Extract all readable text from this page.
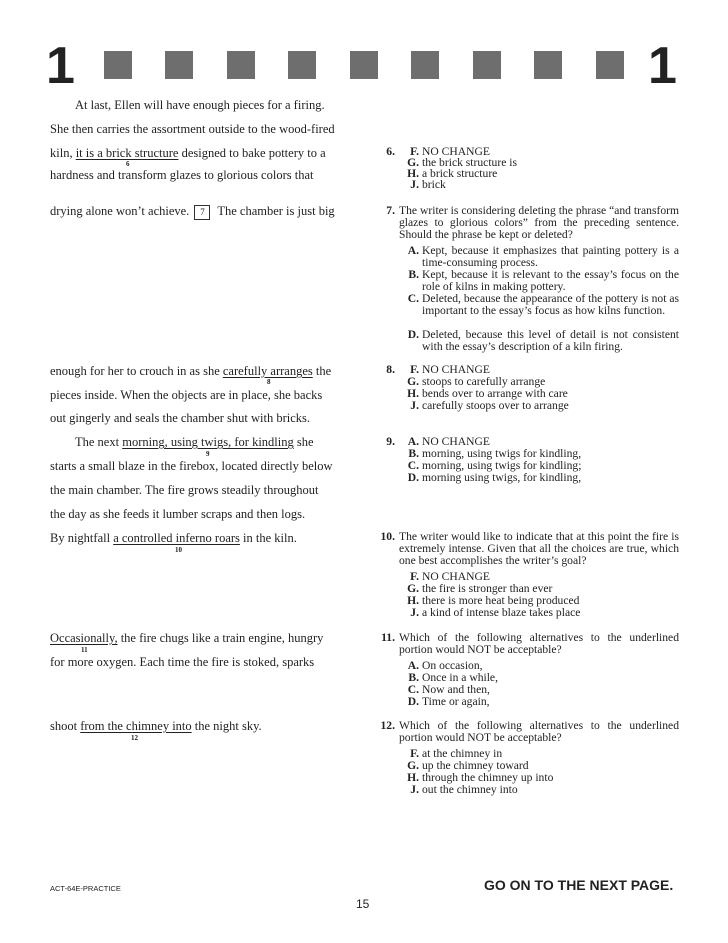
1	1
At last, Ellen will have enough pieces for a firing.
She then carries the assortment outside to the wood-fired
kiln, it is a brick structure designed to bake pottery to a
6
hardness and transform glazes to glorious colors that
drying alone won’t achieve. 7 The chamber is just big
enough for her to crouch in as she carefully arranges the
8
pieces inside. When the objects are in place, she backs
out gingerly and seals the chamber shut with bricks.
The next morning, using twigs, for kindling she
9
starts a small blaze in the firebox, located directly below
the main chamber. The fire grows steadily throughout
the day as she feeds it lumber scraps and then logs.
By nightfall a controlled inferno roars in the kiln.
10
Occasionally, the fire chugs like a train engine, hungry
11
for more oxygen. Each time the fire is stoked, sparks
shoot from the chimney into the night sky.
12
6.	F. NO CHANGE
G. the brick structure is
H. a brick structure
J. brick
7. The writer is considering deleting the phrase “and transform glazes to glorious colors” from the preceding sentence. Should the phrase be kept or deleted?
A. Kept, because it emphasizes that painting pottery is a time-consuming process.
B. Kept, because it is relevant to the essay’s focus on the role of kilns in making pottery.
C. Deleted, because the appearance of the pottery is not as important to the essay’s focus as how kilns function.
D. Deleted, because this level of detail is not consistent with the essay’s description of a kiln firing.
8.	F. NO CHANGE
G. stoops to carefully arrange
H. bends over to arrange with care
J. carefully stoops over to arrange
9.	A. NO CHANGE
B. morning, using twigs for kindling,
C. morning, using twigs for kindling;
D. morning using twigs, for kindling,
10. The writer would like to indicate that at this point the fire is extremely intense. Given that all the choices are true, which one best accomplishes the writer’s goal?
F. NO CHANGE
G. the fire is stronger than ever
H. there is more heat being produced
J. a kind of intense blaze takes place
11. Which of the following alternatives to the underlined portion would NOT be acceptable?
A. On occasion,
B. Once in a while,
C. Now and then,
D. Time or again,
12. Which of the following alternatives to the underlined portion would NOT be acceptable?
F. at the chimney in
G. up the chimney toward
H. through the chimney up into
J. out the chimney into
ACT-64E-PRACTICE	GO ON TO THE NEXT PAGE.
15
